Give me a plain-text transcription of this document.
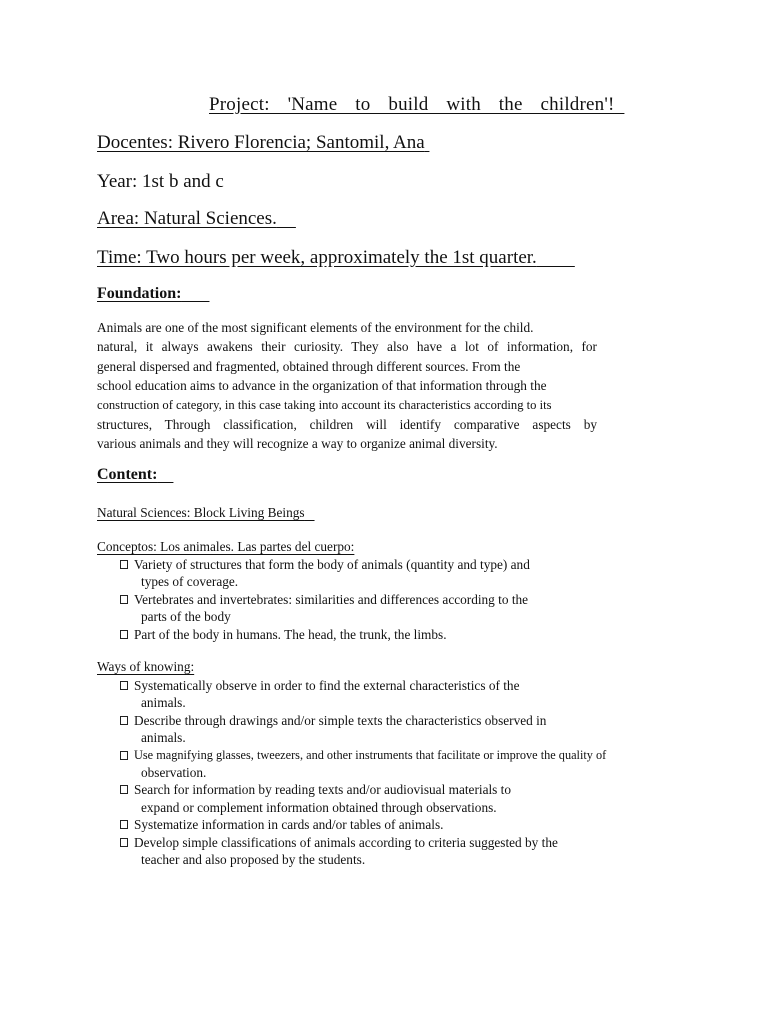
Project:  'Name  to  build  with  the  children'!
Docentes: Rivero Florencia; Santomil, Ana
Year: 1st b and c
Area: Natural Sciences.
Time: Two hours per week, approximately the 1st quarter.
Foundation:
Animals are one of the most significant elements of the environment for the child.
natural, it always awakens their curiosity. They also have a lot of information, for
general dispersed and fragmented, obtained through different sources. From the
school education aims to advance in the organization of that information through the
construction of category, in this case taking into account its characteristics according to its
structures, Through classification, children will identify comparative aspects by
various animals and they will recognize a way to organize animal diversity.
Content:
Natural Sciences: Block Living Beings
Conceptos: Los animales. Las partes del cuerpo:
Variety of structures that form the body of animals (quantity and type) and
types of coverage.
Vertebrates and invertebrates: similarities and differences according to the
parts of the body
Part of the body in humans. The head, the trunk, the limbs.
Ways of knowing:
Systematically observe in order to find the external characteristics of the
animals.
Describe through drawings and/or simple texts the characteristics observed in
animals.
Use magnifying glasses, tweezers, and other instruments that facilitate or improve the quality of
observation.
Search for information by reading texts and/or audiovisual materials to
expand or complement information obtained through observations.
Systematize information in cards and/or tables of animals.
Develop simple classifications of animals according to criteria suggested by the
teacher and also proposed by the students.
